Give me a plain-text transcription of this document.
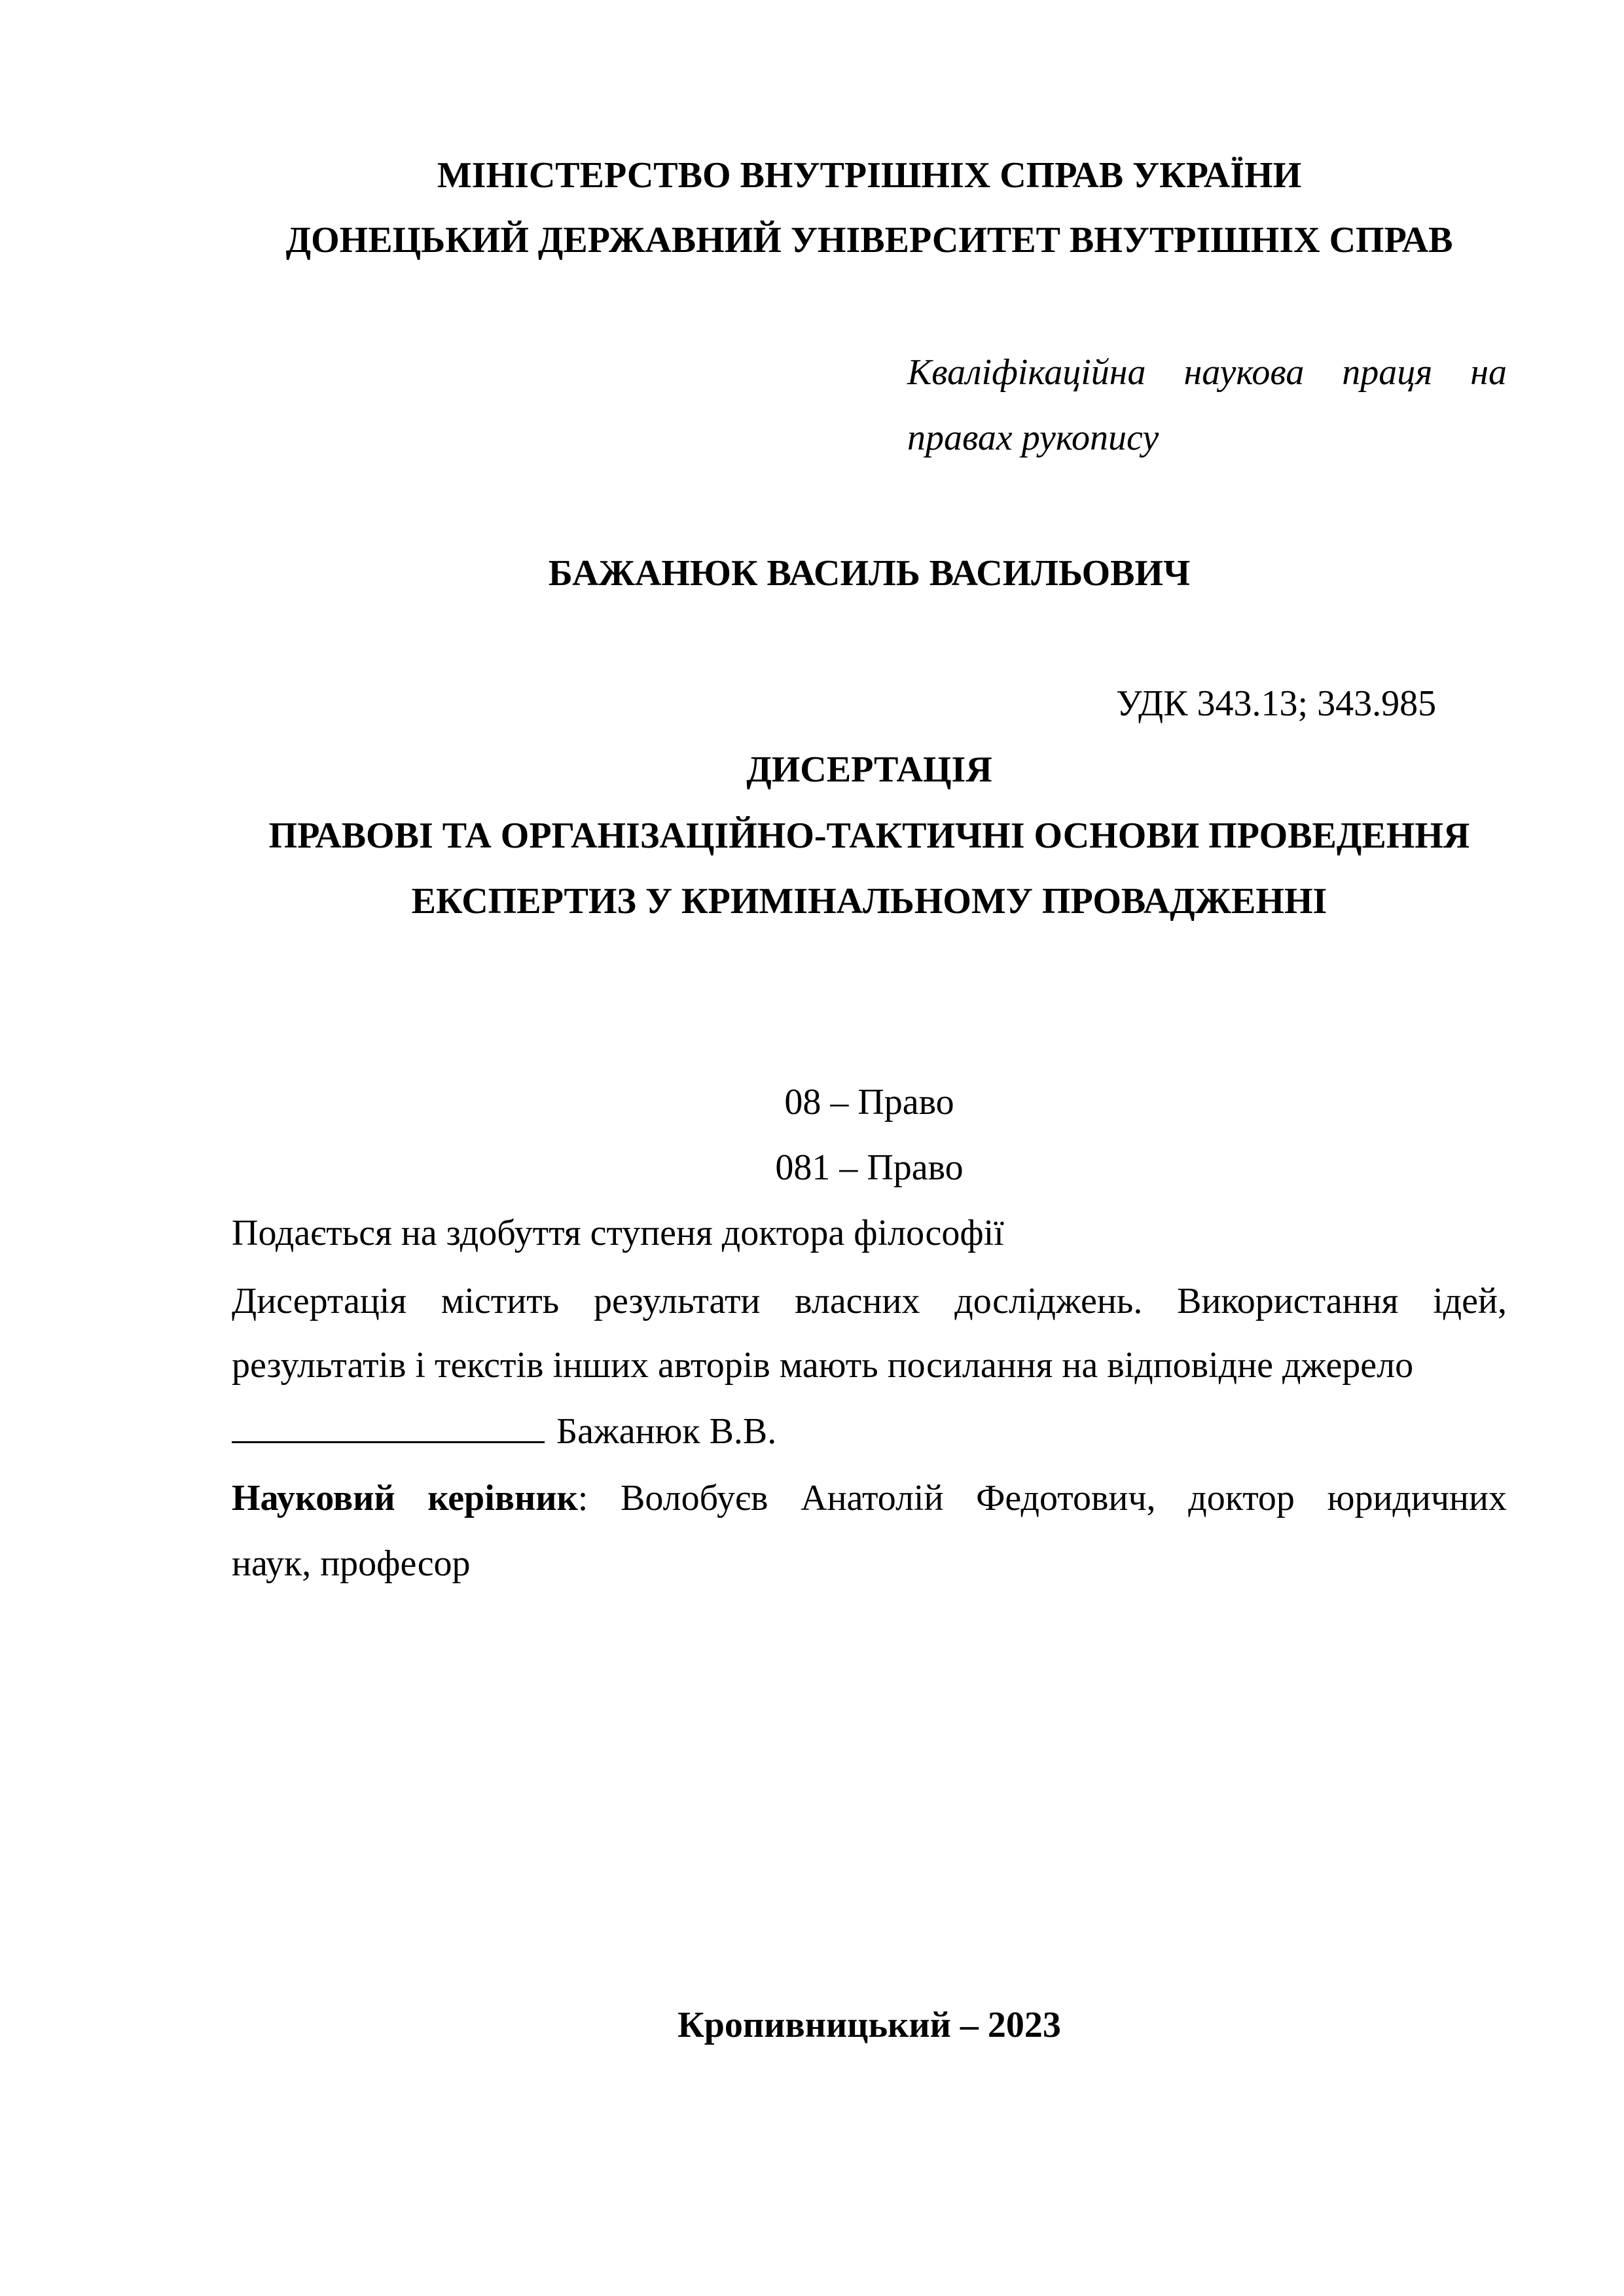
МІНІСТЕРСТВО ВНУТРІШНІХ СПРАВ УКРАЇНИ
ДОНЕЦЬКИЙ ДЕРЖАВНИЙ УНІВЕРСИТЕТ ВНУТРІШНІХ СПРАВ
Кваліфікаційна наукова праця на
правах рукопису
БАЖАНЮК ВАСИЛЬ ВАСИЛЬОВИЧ
УДК 343.13; 343.985
ДИСЕРТАЦІЯ
ПРАВОВІ ТА ОРГАНІЗАЦІЙНО-ТАКТИЧНІ ОСНОВИ ПРОВЕДЕННЯ
ЕКСПЕРТИЗ У КРИМІНАЛЬНОМУ ПРОВАДЖЕННІ
08 – Право
081 – Право
Подається на здобуття ступеня доктора філософії
Дисертація містить результати власних досліджень. Використання ідей,
результатів і текстів інших авторів мають посилання на відповідне джерело
Бажанюк В.В.
Науковий керівник: Волобуєв Анатолій Федотович, доктор юридичних
наук, професор
Кропивницький – 2023
